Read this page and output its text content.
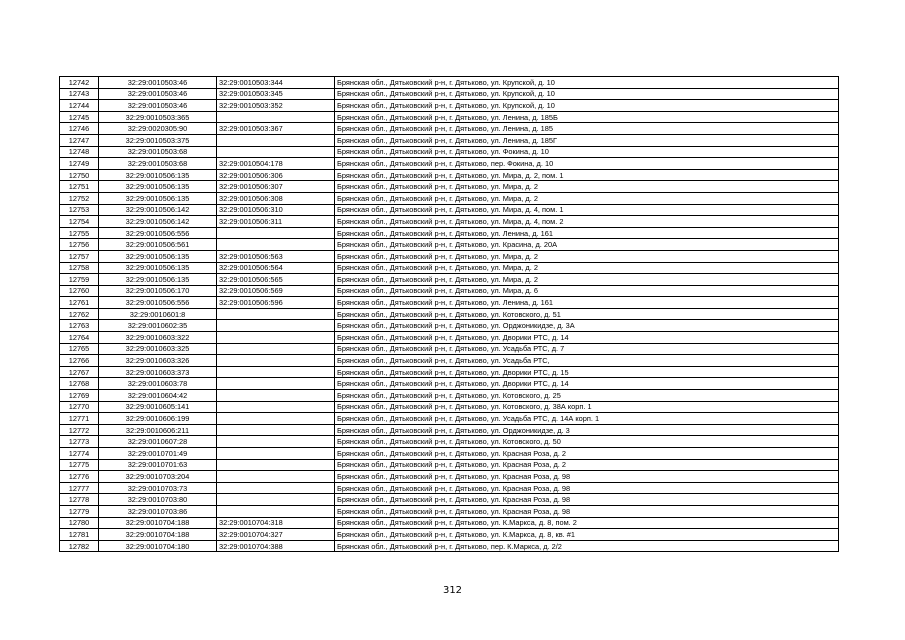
12742	32:29:0010503:46	32:29:0010503:344	Брянская обл., Дятьковский р-н, г. Дятьково, ул. Крупской, д. 10
12743	32:29:0010503:46	32:29:0010503:345	Брянская обл., Дятьковский р-н, г. Дятьково, ул. Крупской, д. 10
12744	32:29:0010503:46	32:29:0010503:352	Брянская обл., Дятьковский р-н, г. Дятьково, ул. Крупской, д. 10
12745	32:29:0010503:365		Брянская обл., Дятьковский р-н, г. Дятьково, ул. Ленина, д. 185Б
12746	32:29:0020305:90	32:29:0010503:367	Брянская обл., Дятьковский р-н, г. Дятьково, ул. Ленина, д. 185
12747	32:29:0010503:375		Брянская обл., Дятьковский р-н, г. Дятьково, ул. Ленина, д. 185Г
12748	32:29:0010503:68		Брянская обл., Дятьковский р-н, г. Дятьково, ул. Фокина, д. 10
12749	32:29:0010503:68	32:29:0010504:178	Брянская обл., Дятьковский р-н, г. Дятьково, пер. Фокина, д. 10
12750	32:29:0010506:135	32:29:0010506:306	Брянская обл., Дятьковский р-н, г. Дятьково, ул. Мира, д. 2, пом. 1
12751	32:29:0010506:135	32:29:0010506:307	Брянская обл., Дятьковский р-н, г. Дятьково, ул. Мира, д. 2
12752	32:29:0010506:135	32:29:0010506:308	Брянская обл., Дятьковский р-н, г. Дятьково, ул. Мира, д. 2
12753	32:29:0010506:142	32:29:0010506:310	Брянская обл., Дятьковский р-н, г. Дятьково, ул. Мира, д. 4, пом. 1
12754	32:29:0010506:142	32:29:0010506:311	Брянская обл., Дятьковский р-н, г. Дятьково, ул. Мира, д. 4, пом. 2
12755	32:29:0010506:556		Брянская обл., Дятьковский р-н, г. Дятьково, ул. Ленина, д. 161
12756	32:29:0010506:561		Брянская обл., Дятьковский р-н, г. Дятьково, ул. Красина, д. 20А
12757	32:29:0010506:135	32:29:0010506:563	Брянская обл., Дятьковский р-н, г. Дятьково, ул. Мира, д. 2
12758	32:29:0010506:135	32:29:0010506:564	Брянская обл., Дятьковский р-н, г. Дятьково, ул. Мира, д. 2
12759	32:29:0010506:135	32:29:0010506:565	Брянская обл., Дятьковский р-н, г. Дятьково, ул. Мира, д. 2
12760	32:29:0010506:170	32:29:0010506:569	Брянская обл., Дятьковский р-н, г. Дятьково, ул. Мира, д. 6
12761	32:29:0010506:556	32:29:0010506:596	Брянская обл., Дятьковский р-н, г. Дятьково, ул. Ленина, д. 161
12762	32:29:0010601:8		Брянская обл., Дятьковский р-н, г. Дятьково, ул. Котовского, д. 51
12763	32:29:0010602:35		Брянская обл., Дятьковский р-н, г. Дятьково, ул. Орджоникидзе, д. 3А
12764	32:29:0010603:322		Брянская обл., Дятьковский р-н, г. Дятьково, ул. Дворики РТС, д. 14
12765	32:29:0010603:325		Брянская обл., Дятьковский р-н, г. Дятьково, ул. Усадьба РТС, д. 7
12766	32:29:0010603:326		Брянская обл., Дятьковский р-н, г. Дятьково, ул. Усадьба РТС,
12767	32:29:0010603:373		Брянская обл., Дятьковский р-н, г. Дятьково, ул. Дворики РТС, д. 15
12768	32:29:0010603:78		Брянская обл., Дятьковский р-н, г. Дятьково, ул. Дворики РТС, д. 14
12769	32:29:0010604:42		Брянская обл., Дятьковский р-н, г. Дятьково, ул. Котовского, д. 25
12770	32:29:0010605:141		Брянская обл., Дятьковский р-н, г. Дятьково, ул. Котовского, д. 38А корп. 1
12771	32:29:0010606:199		Брянская обл., Дятьковский р-н, г. Дятьково, ул. Усадьба РТС, д. 14А корп. 1
12772	32:29:0010606:211		Брянская обл., Дятьковский р-н, г. Дятьково, ул. Орджоникидзе, д. 3
12773	32:29:0010607:28		Брянская обл., Дятьковский р-н, г. Дятьково, ул. Котовского, д. 50
12774	32:29:0010701:49		Брянская обл., Дятьковский р-н, г. Дятьково, ул. Красная Роза, д. 2
12775	32:29:0010701:63		Брянская обл., Дятьковский р-н, г. Дятьково, ул. Красная Роза, д. 2
12776	32:29:0010703:204		Брянская обл., Дятьковский р-н, г. Дятьково, ул. Красная Роза, д. 98
12777	32:29:0010703:73		Брянская обл., Дятьковский р-н, г. Дятьково, ул. Красная Роза, д. 98
12778	32:29:0010703:80		Брянская обл., Дятьковский р-н, г. Дятьково, ул. Красная Роза, д. 98
12779	32:29:0010703:86		Брянская обл., Дятьковский р-н, г. Дятьково, ул. Красная Роза, д. 98
12780	32:29:0010704:188	32:29:0010704:318	Брянская обл., Дятьковский р-н, г. Дятьково, ул. К.Маркса, д. 8, пом. 2
12781	32:29:0010704:188	32:29:0010704:327	Брянская обл., Дятьковский р-н, г. Дятьково, ул. К.Маркса, д. 8, кв. #1
12782	32:29:0010704:180	32:29:0010704:388	Брянская обл., Дятьковский р-н, г. Дятьково, пер. К.Маркса, д. 2/2
312
